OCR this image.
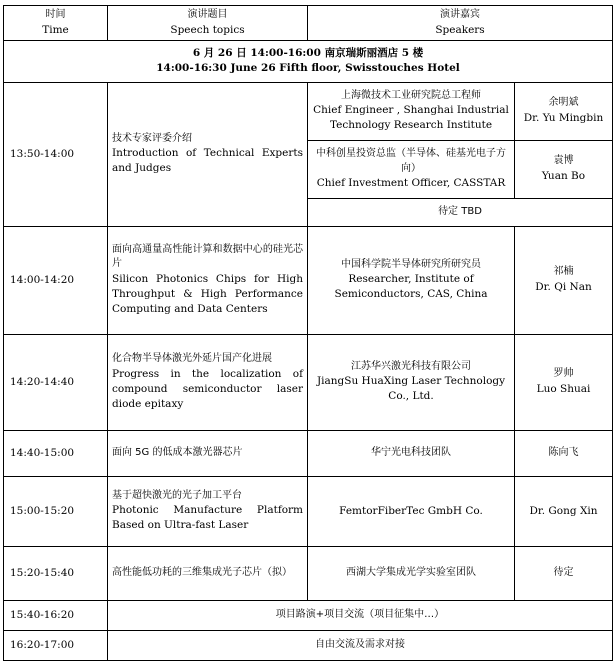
时间
Time	演讲题目
Speech topics	演讲嘉宾
Speakers	

6 月 26 日 14:00-16:00 南京瑞斯丽酒店 5 楼
14:00-16:30 June 26 Fifth floor, Swisstouches Hotel			

13:50-14:00	技术专家评委介绍
Introduction of Technical Experts and Judges	上海微技术工业研究院总工程师
Chief Engineer , Shanghai Industrial Technology Research Institute	余明斌
Dr. Yu Mingbin

		中科创星投资总监（半导体、硅基光电子方向）
Chief Investment Officer, CASSTAR	袁博
Yuan Bo

		待定 TBD	
14:00-14:20	面向高通量高性能计算和数据中心的硅光芯片
Silicon Photonics Chips for High Throughput & High Performance Computing and Data Centers	中国科学院半导体研究所研究员
Researcher, Institute of Semiconductors, CAS, China	祁楠
Dr. Qi Nan

14:20-14:40	化合物半导体激光外延片国产化进展
Progress in the localization of compound semiconductor laser diode epitaxy	江苏华兴激光科技有限公司
JiangSu HuaXing Laser Technology Co., Ltd.	罗帅
Luo Shuai

14:40-15:00	面向 5G 的低成本激光器芯片	华宁光电科技团队	陈向飞
15:00-15:20	基于超快激光的光子加工平台
Photonic Manufacture Platform Based on Ultra-fast Laser	FemtorFiberTec GmbH Co.	Dr. Gong Xin
15:20-15:40	高性能低功耗的三维集成光子芯片（拟）	西湖大学集成光学实验室团队	待定
15:40-16:20	项目路演+项目交流（项目征集中…）		
16:20-17:00	自由交流及需求对接		
